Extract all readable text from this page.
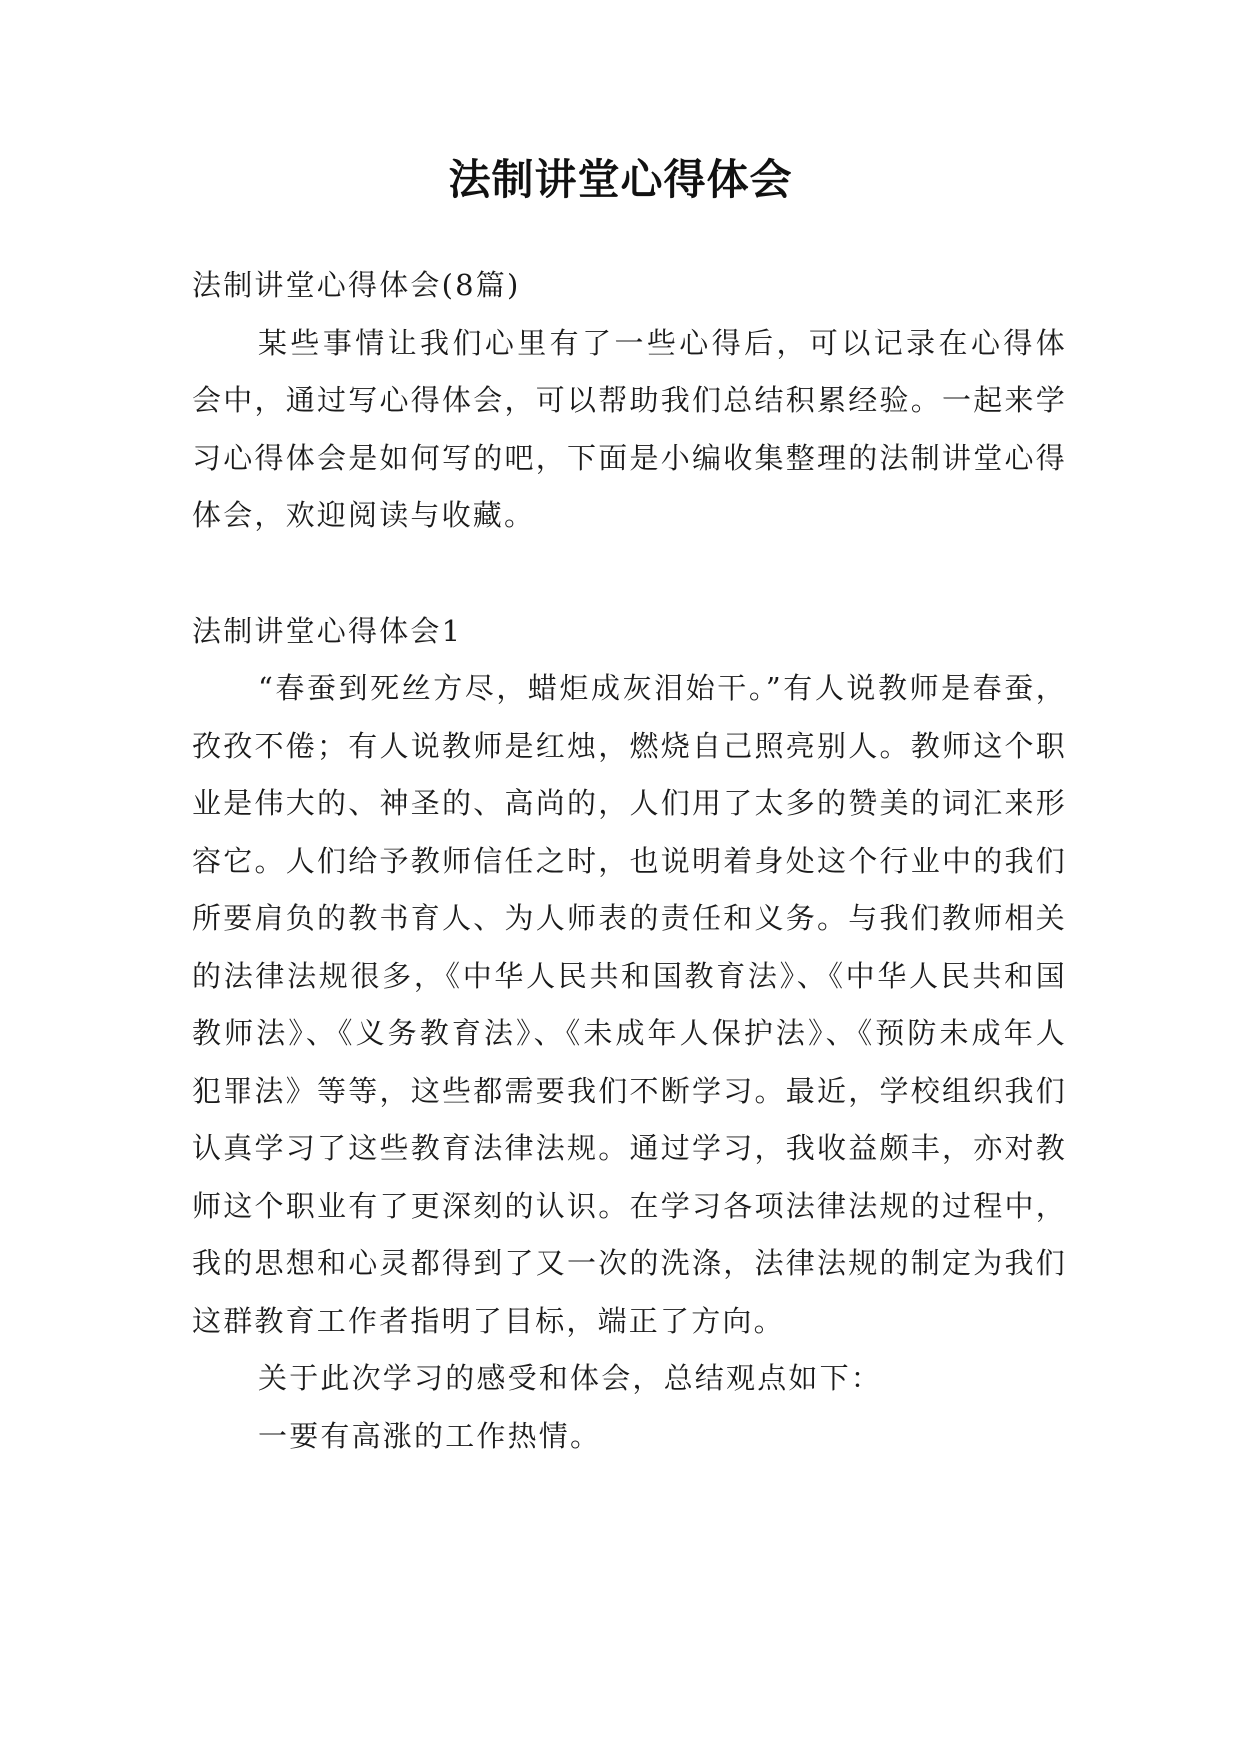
法制讲堂心得体会

法制讲堂心得体会(8篇)

某些事情让我们心里有了一些心得后，可以记录在心得体会中，通过写心得体会，可以帮助我们总结积累经验。一起来学习心得体会是如何写的吧，下面是小编收集整理的法制讲堂心得体会，欢迎阅读与收藏。

法制讲堂心得体会1

“春蚕到死丝方尽，蜡炬成灰泪始干。”有人说教师是春蚕，孜孜不倦；有人说教师是红烛，燃烧自己照亮别人。教师这个职业是伟大的、神圣的、高尚的，人们用了太多的赞美的词汇来形容它。人们给予教师信任之时，也说明着身处这个行业中的我们所要肩负的教书育人、为人师表的责任和义务。与我们教师相关的法律法规很多，《中华人民共和国教育法》、《中华人民共和国教师法》、《义务教育法》、《未成年人保护法》、《预防未成年人犯罪法》等等，这些都需要我们不断学习。最近，学校组织我们认真学习了这些教育法律法规。通过学习，我收益颇丰，亦对教师这个职业有了更深刻的认识。在学习各项法律法规的过程中，我的思想和心灵都得到了又一次的洗涤，法律法规的制定为我们这群教育工作者指明了目标，端正了方向。

关于此次学习的感受和体会，总结观点如下：

一要有高涨的工作热情。
